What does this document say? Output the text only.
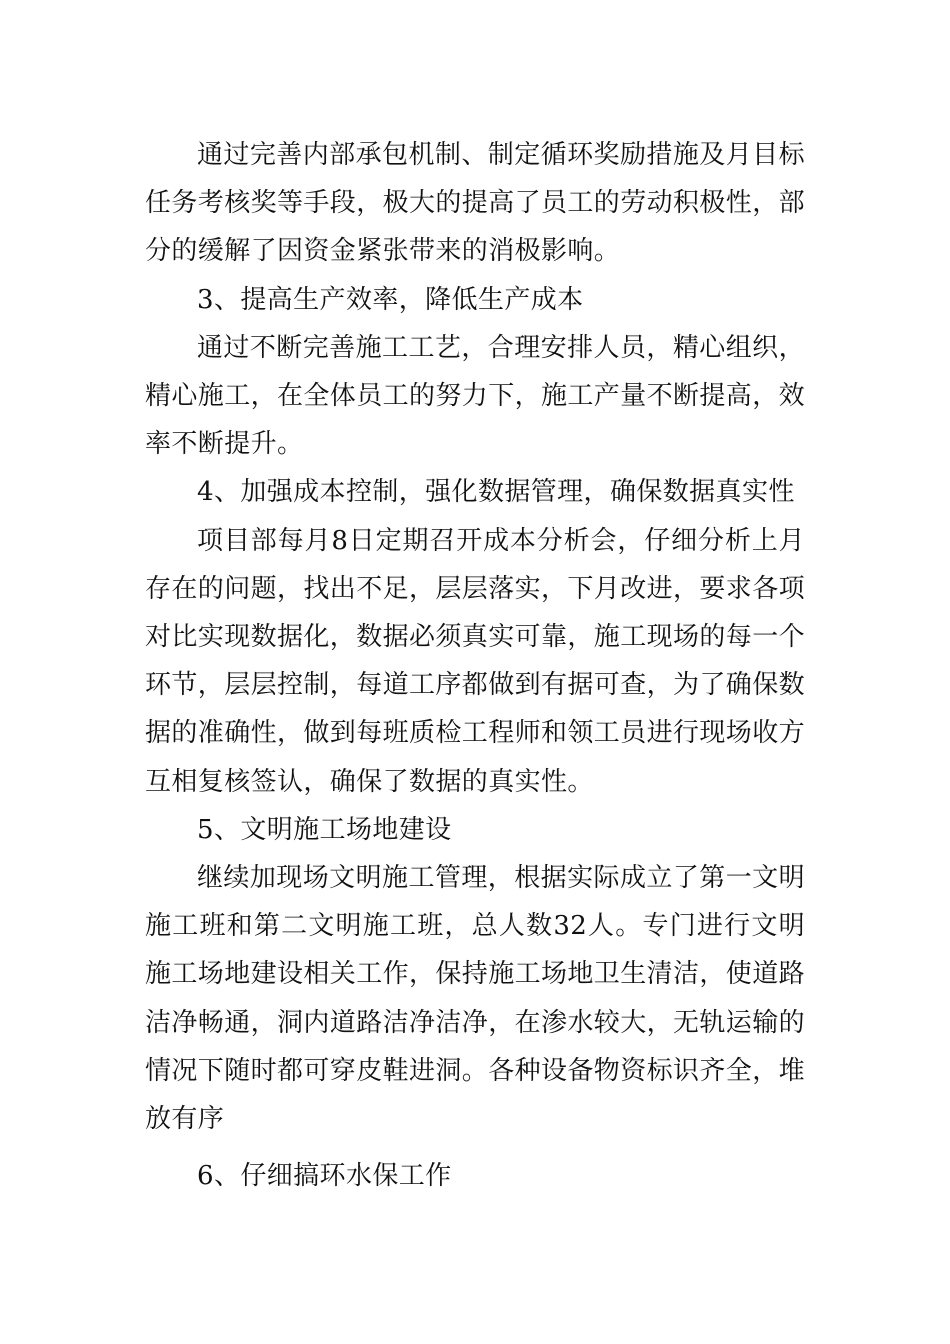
通过完善内部承包机制、制定循环奖励措施及月目标任务考核奖等手段，极大的提高了员工的劳动积极性，部分的缓解了因资金紧张带来的消极影响。

3、提高生产效率，降低生产成本

通过不断完善施工工艺，合理安排人员，精心组织，精心施工，在全体员工的努力下，施工产量不断提高，效率不断提升。

4、加强成本控制，强化数据管理，确保数据真实性

项目部每月8日定期召开成本分析会，仔细分析上月存在的问题，找出不足，层层落实，下月改进，要求各项对比实现数据化，数据必须真实可靠，施工现场的每一个环节，层层控制，每道工序都做到有据可查，为了确保数据的准确性，做到每班质检工程师和领工员进行现场收方互相复核签认，确保了数据的真实性。

5、文明施工场地建设

继续加现场文明施工管理，根据实际成立了第一文明施工班和第二文明施工班，总人数32人。专门进行文明施工场地建设相关工作，保持施工场地卫生清洁，使道路洁净畅通，洞内道路洁净洁净，在渗水较大，无轨运输的情况下随时都可穿皮鞋进洞。各种设备物资标识齐全，堆放有序

6、仔细搞环水保工作
